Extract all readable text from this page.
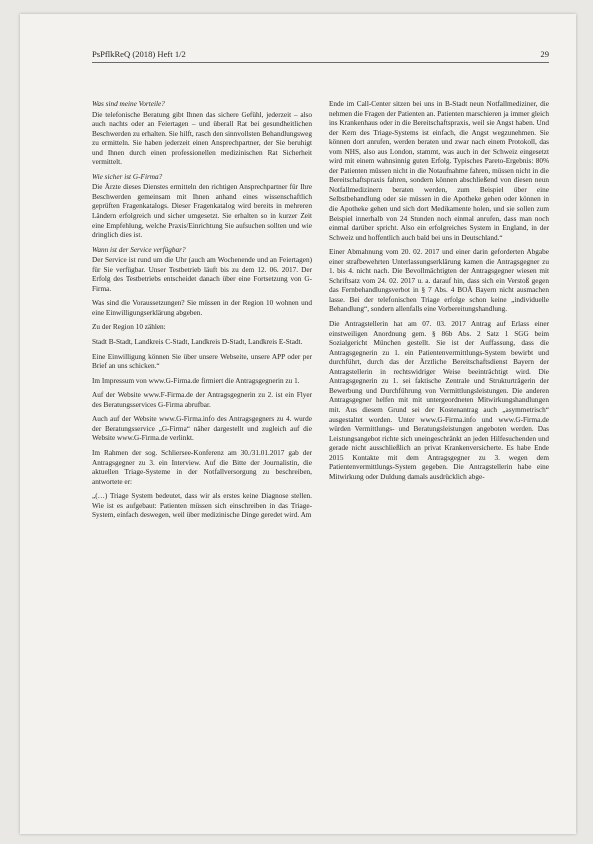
PsPflkReQ (2018) Heft 1/2	29
Was sind meine Vorteile?

Die telefonische Beratung gibt Ihnen das sichere Gefühl, jederzeit – also auch nachts oder an Feiertagen – und überall Rat bei gesundheitlichen Beschwerden zu erhalten. Sie hilft, rasch den sinnvollsten Behandlungsweg zu ermitteln. Sie haben jederzeit einen Ansprechpartner, der Sie beruhigt und Ihnen durch einen professionellen medizinischen Rat Sicherheit vermittelt.

Wie sicher ist G-Firma?

Die Ärzte dieses Dienstes ermitteln den richtigen Ansprechpartner für Ihre Beschwerden gemeinsam mit Ihnen anhand eines wissenschaftlich geprüften Fragenkatalogs. Dieser Fragenkatalog wird bereits in mehreren Ländern erfolgreich und sicher umgesetzt. Sie erhalten so in kurzer Zeit eine Empfehlung, welche Praxis/Einrichtung Sie aufsuchen sollten und wie dringlich dies ist.

Wann ist der Service verfügbar?

Der Service ist rund um die Uhr (auch am Wochenende und an Feiertagen) für Sie verfügbar. Unser Testbetrieb läuft bis zu dem 12. 06. 2017. Der Erfolg des Testbetriebs entscheidet danach über eine Fortsetzung von G-Firma.

Was sind die Voraussetzungen? Sie müssen in der Region 10 wohnen und eine Einwilligungserklärung abgeben.

Zu der Region 10 zählen:

Stadt B-Stadt, Landkreis C-Stadt, Landkreis D-Stadt, Landkreis E-Stadt.

Eine Einwilligung können Sie über unsere Webseite, unsere APP oder per Brief an uns schicken.“

Im Impressum von www.G-Firma.de firmiert die Antragsgegnerin zu 1.

Auf der Website www.F-Firma.de der Antragsgegnerin zu 2. ist ein Flyer des Beratungsservices G-Firma abrufbar.

Auch auf der Website www.G-Firma.info des Antragsgegners zu 4. wurde der Beratungsservice „G-Firma“ näher dargestellt und zugleich auf die Website www.G-Firma.de verlinkt.

Im Rahmen der sog. Schliersee-Konferenz am 30./31.01.2017 gab der Antragsgegner zu 3. ein Interview. Auf die Bitte der Journalistin, die aktuellen Triage-Systeme in der Notfallversorgung zu beschreiben, antwortete er:

„(…) Triage System bedeutet, dass wir als erstes keine Diagnose stellen. Wie ist es aufgebaut: Patienten müssen sich einschreiben in das Triage-System, einfach deswegen, weil über medizinische Dinge geredet wird. Am

Ende im Call-Center sitzen bei uns in B-Stadt neun Notfallmediziner, die nehmen die Fragen der Patienten an. Patienten marschieren ja immer gleich ins Krankenhaus oder in die Bereitschaftspraxis, weil sie Angst haben. Und der Kern des Triage-Systems ist einfach, die Angst wegzunehmen. Sie können dort anrufen, werden beraten und zwar nach einem Protokoll, das vom NHS, also aus London, stammt, was auch in der Schweiz eingesetzt wird mit einem wahnsinnig guten Erfolg. Typisches Pareto-Ergebnis: 80% der Patienten müssen nicht in die Notaufnahme fahren, müssen nicht in die Bereitschaftspraxis fahren, sondern können abschließend von diesen neun Notfallmedizinern beraten werden, zum Beispiel über eine Selbstbehandlung oder sie müssen in die Apotheke gehen oder können in die Apotheke gehen und sich dort Medikamente holen, und sie sollen zum Beispiel innerhalb von 24 Stunden noch einmal anrufen, dass man noch einmal darüber spricht. Also ein erfolgreiches System in England, in der Schweiz und hoffentlich auch bald bei uns in Deutschland.“

Einer Abmahnung vom 20. 02. 2017 und einer darin geforderten Abgabe einer strafbewehrten Unterlassungserklärung kamen die Antragsgegner zu 1. bis 4. nicht nach. Die Bevollmächtigten der Antragsgegner wiesen mit Schriftsatz vom 24. 02. 2017 u. a. darauf hin, dass sich ein Verstoß gegen das Fernbehandlungsverbot in § 7 Abs. 4 BOÄ Bayern nicht ausmachen lasse. Bei der telefonischen Triage erfolge schon keine „individuelle Behandlung“, sondern allenfalls eine Vorbereitungshandlung.

Die Antragstellerin hat am 07. 03. 2017 Antrag auf Erlass einer einstweiligen Anordnung gem. § 86b Abs. 2 Satz 1 SGG beim Sozialgericht München gestellt. Sie ist der Auffassung, dass die Antragsgegnerin zu 1. ein Patientenvermittlungs-System bewirbt und durchführt, durch das der Ärztliche Bereitschaftsdienst Bayern der Antragstellerin in rechtswidriger Weise beeinträchtigt wird. Die Antragsgegnerin zu 1. sei faktische Zentrale und Strukturträgerin der Bewerbung und Durchführung von Vermittlungsleistungen. Die anderen Antragsgegner helfen mit mit untergeordneten Mitwirkungshandlungen mit. Aus diesem Grund sei der Kostenantrag auch „asymmetrisch“ ausgestaltet worden. Unter www.G-Firma.info und www.G-Firma.de würden Vermittlungs- und Beratungsleistungen angeboten werden. Das Leistungsangebot richte sich uneingeschränkt an jeden Hilfesuchenden und gerade nicht ausschließlich an privat Krankenversicherte. Es habe Ende 2015 Kontakte mit dem Antragsgegner zu 3. wegen dem Patientenvermittlungs-System gegeben. Die Antragstellerin habe eine Mitwirkung oder Duldung damals ausdrücklich abge-
